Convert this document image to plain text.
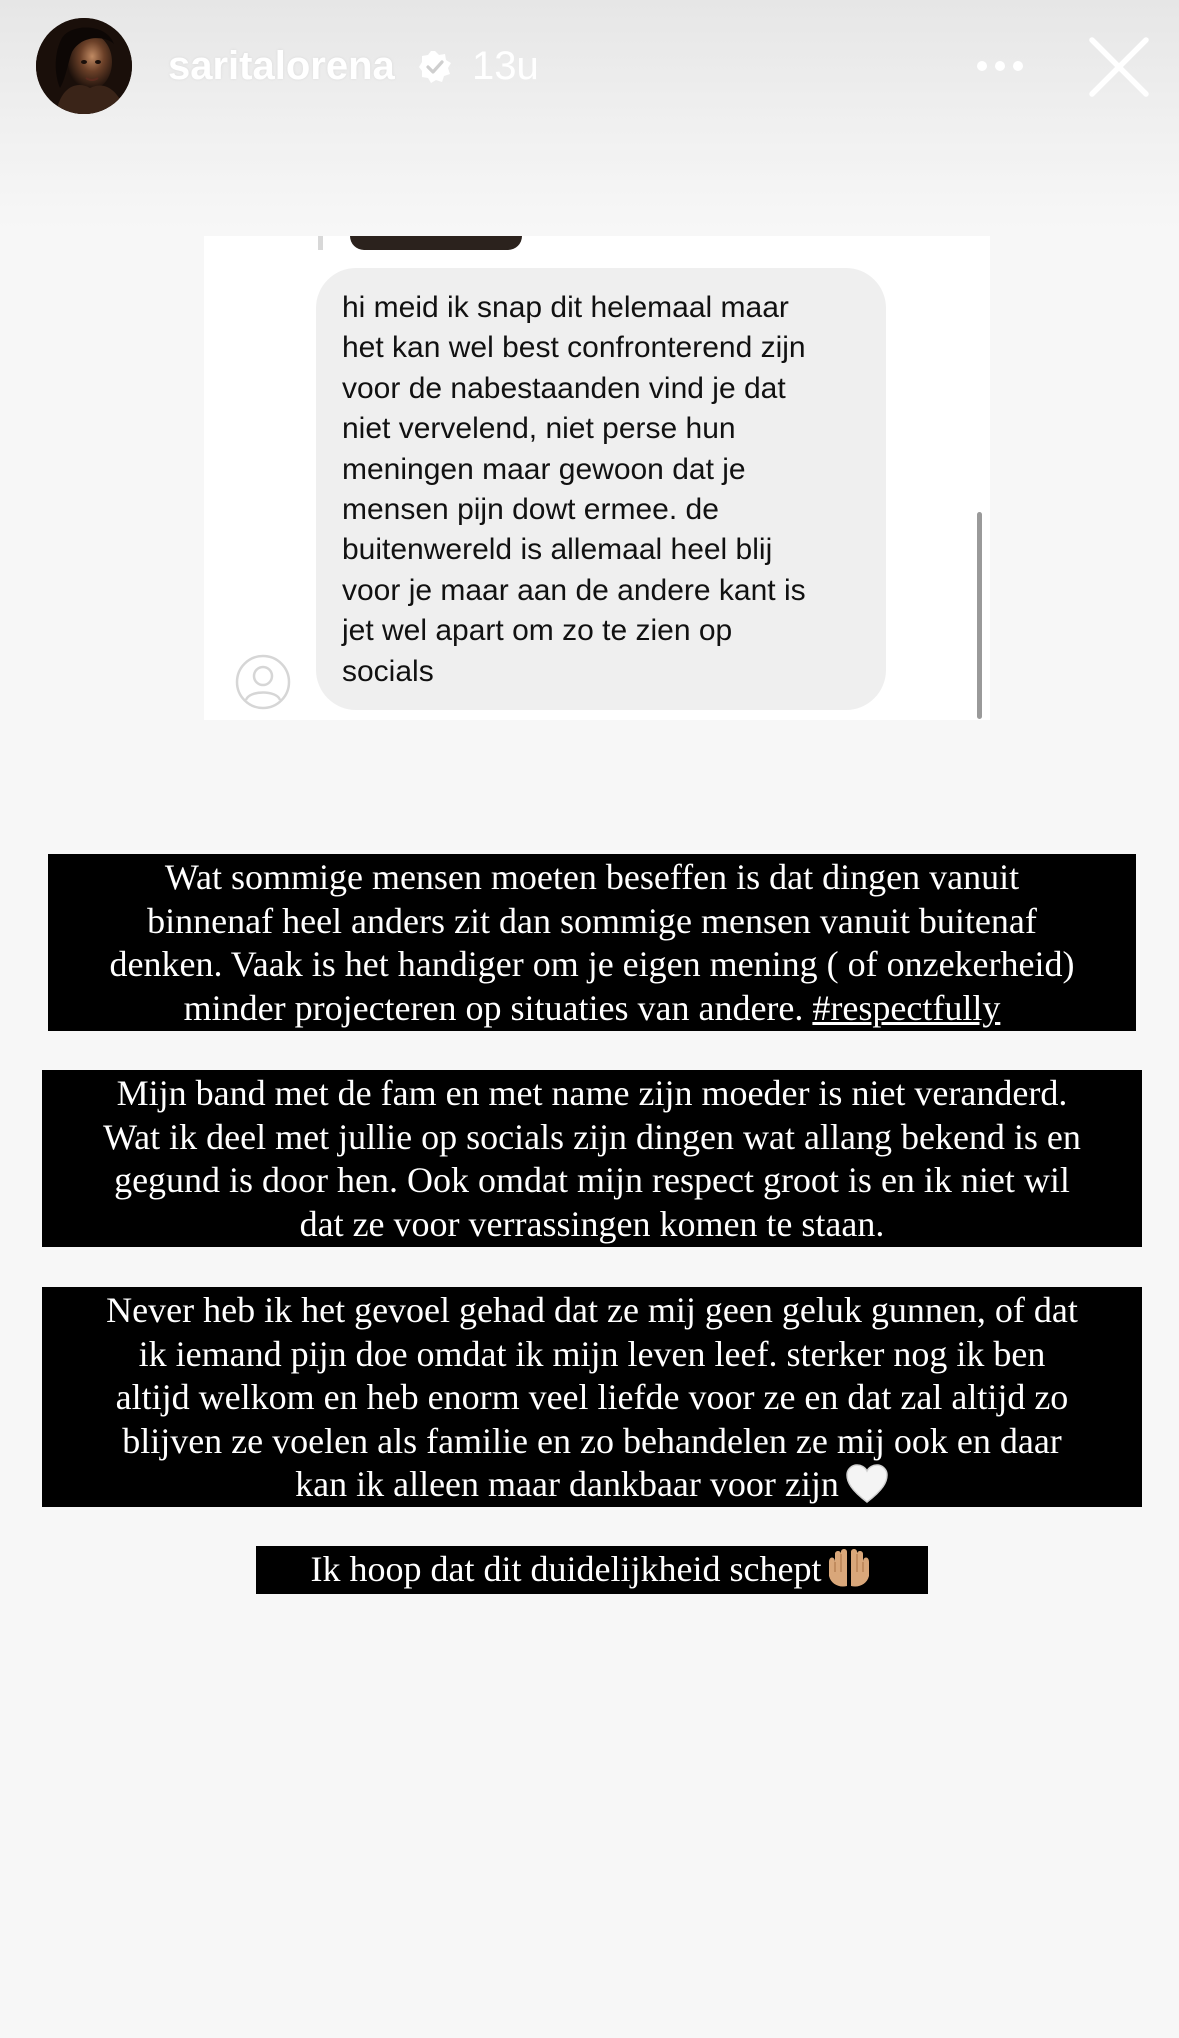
saritalorena 13u
hi meid ik snap dit helemaal maar
het kan wel best confronterend zijn
voor de nabestaanden vind je dat
niet vervelend, niet perse hun
meningen maar gewoon dat je
mensen pijn dowt ermee. de
buitenwereld is allemaal heel blij
voor je maar aan de andere kant is
jet wel apart om zo te zien op
socials
Wat sommige mensen moeten beseffen is dat dingen vanuit
binnenaf heel anders zit dan sommige mensen vanuit buitenaf
denken. Vaak is het handiger om je eigen mening ( of onzekerheid)
minder projecteren op situaties van andere. #respectfully
Mijn band met de fam en met name zijn moeder is niet veranderd.
Wat ik deel met jullie op socials zijn dingen wat allang bekend is en
gegund is door hen. Ook omdat mijn respect groot is en ik niet wil
dat ze voor verrassingen komen te staan.
Never heb ik het gevoel gehad dat ze mij geen geluk gunnen, of dat
ik iemand pijn doe omdat ik mijn leven leef. sterker nog ik ben
altijd welkom en heb enorm veel liefde voor ze en dat zal altijd zo
blijven ze voelen als familie en zo behandelen ze mij ook en daar
kan ik alleen maar dankbaar voor zijn
Ik hoop dat dit duidelijkheid schept
